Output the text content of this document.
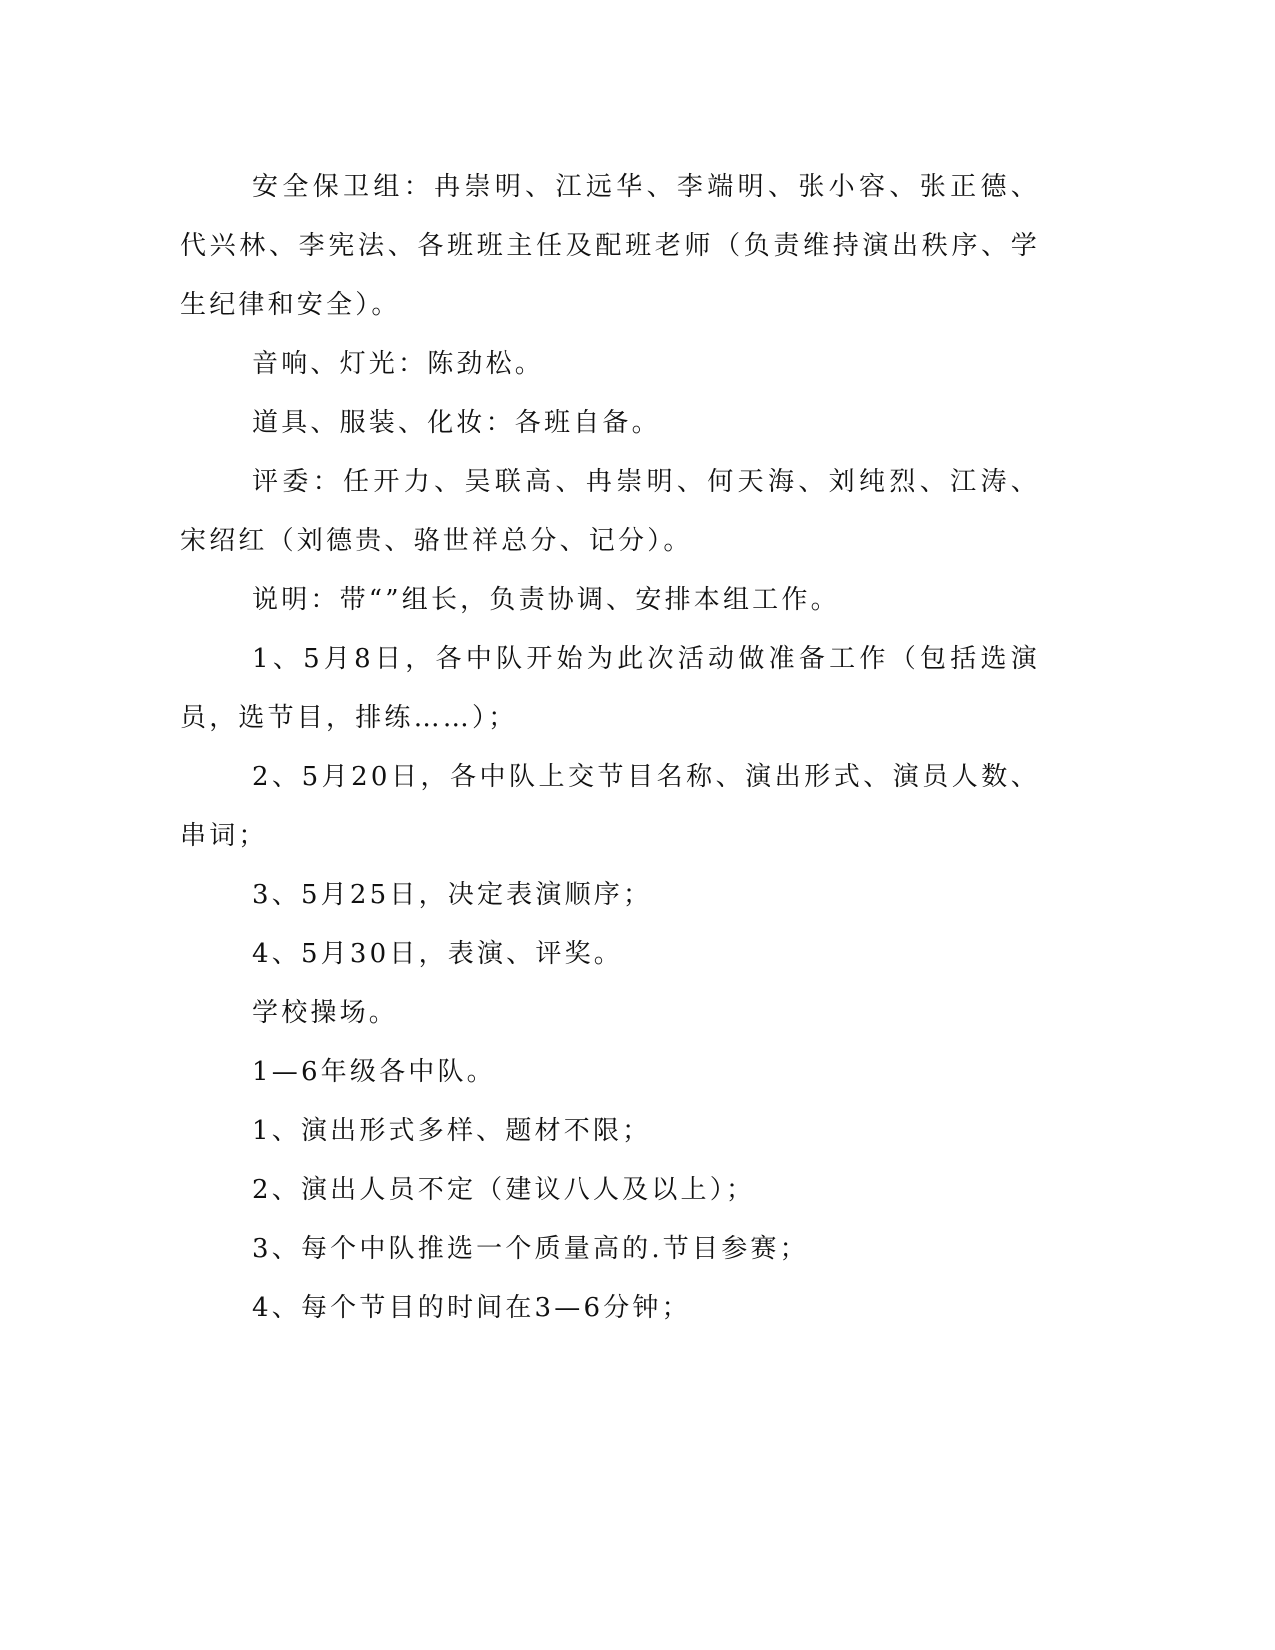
安全保卫组：冉崇明、江远华、李端明、张小容、张正德、代兴林、李宪法、各班班主任及配班老师（负责维持演出秩序、学生纪律和安全）。

音响、灯光：陈劲松。

道具、服装、化妆：各班自备。

评委：任开力、吴联高、冉崇明、何天海、刘纯烈、江涛、宋绍红（刘德贵、骆世祥总分、记分）。

说明：带“”组长，负责协调、安排本组工作。

1、5月8日，各中队开始为此次活动做准备工作（包括选演员，选节目，排练……）；

2、5月20日，各中队上交节目名称、演出形式、演员人数、串词；

3、5月25日，决定表演顺序；

4、5月30日，表演、评奖。

学校操场。

1—6年级各中队。

1、演出形式多样、题材不限；

2、演出人员不定（建议八人及以上）；

3、每个中队推选一个质量高的.节目参赛；

4、每个节目的时间在3—6分钟；
